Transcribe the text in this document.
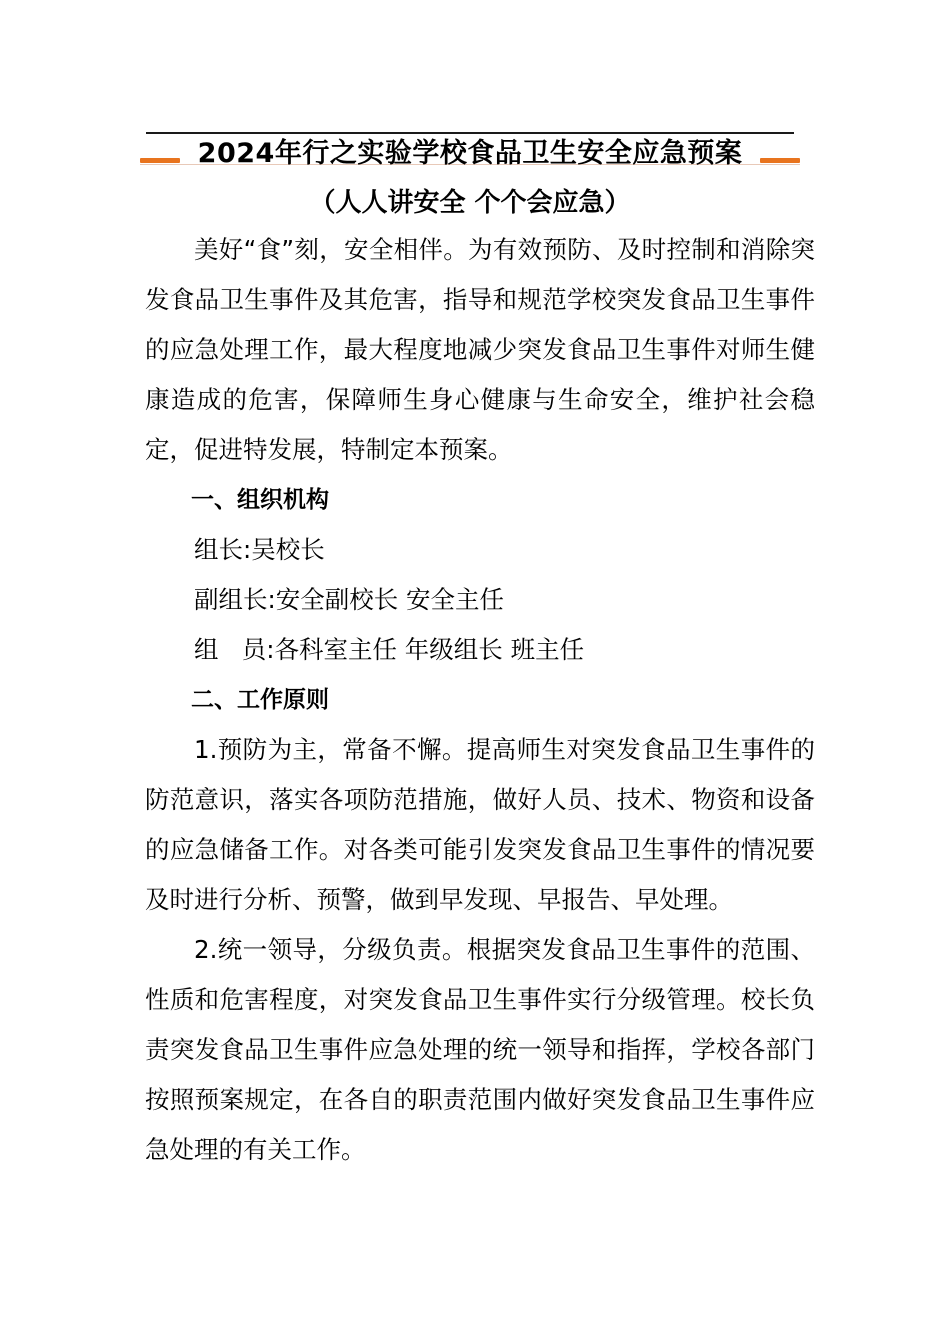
2024年行之实验学校食品卫生安全应急预案
（人人讲安全 个个会应急）

美好“食”刻，安全相伴。为有效预防、及时控制和消除突发食品卫生事件及其危害，指导和规范学校突发食品卫生事件的应急处理工作，最大程度地减少突发食品卫生事件对师生健康造成的危害，保障师生身心健康与生命安全，维护社会稳定，促进特发展，特制定本预案。

一、组织机构

组长:吴校长

副组长:安全副校长 安全主任

组 员:各科室主任 年级组长 班主任

二、工作原则

1.预防为主，常备不懈。提高师生对突发食品卫生事件的防范意识，落实各项防范措施，做好人员、技术、物资和设备的应急储备工作。对各类可能引发突发食品卫生事件的情况要及时进行分析、预警，做到早发现、早报告、早处理。

2.统一领导，分级负责。根据突发食品卫生事件的范围、性质和危害程度，对突发食品卫生事件实行分级管理。校长负责突发食品卫生事件应急处理的统一领导和指挥，学校各部门按照预案规定，在各自的职责范围内做好突发食品卫生事件应急处理的有关工作。
